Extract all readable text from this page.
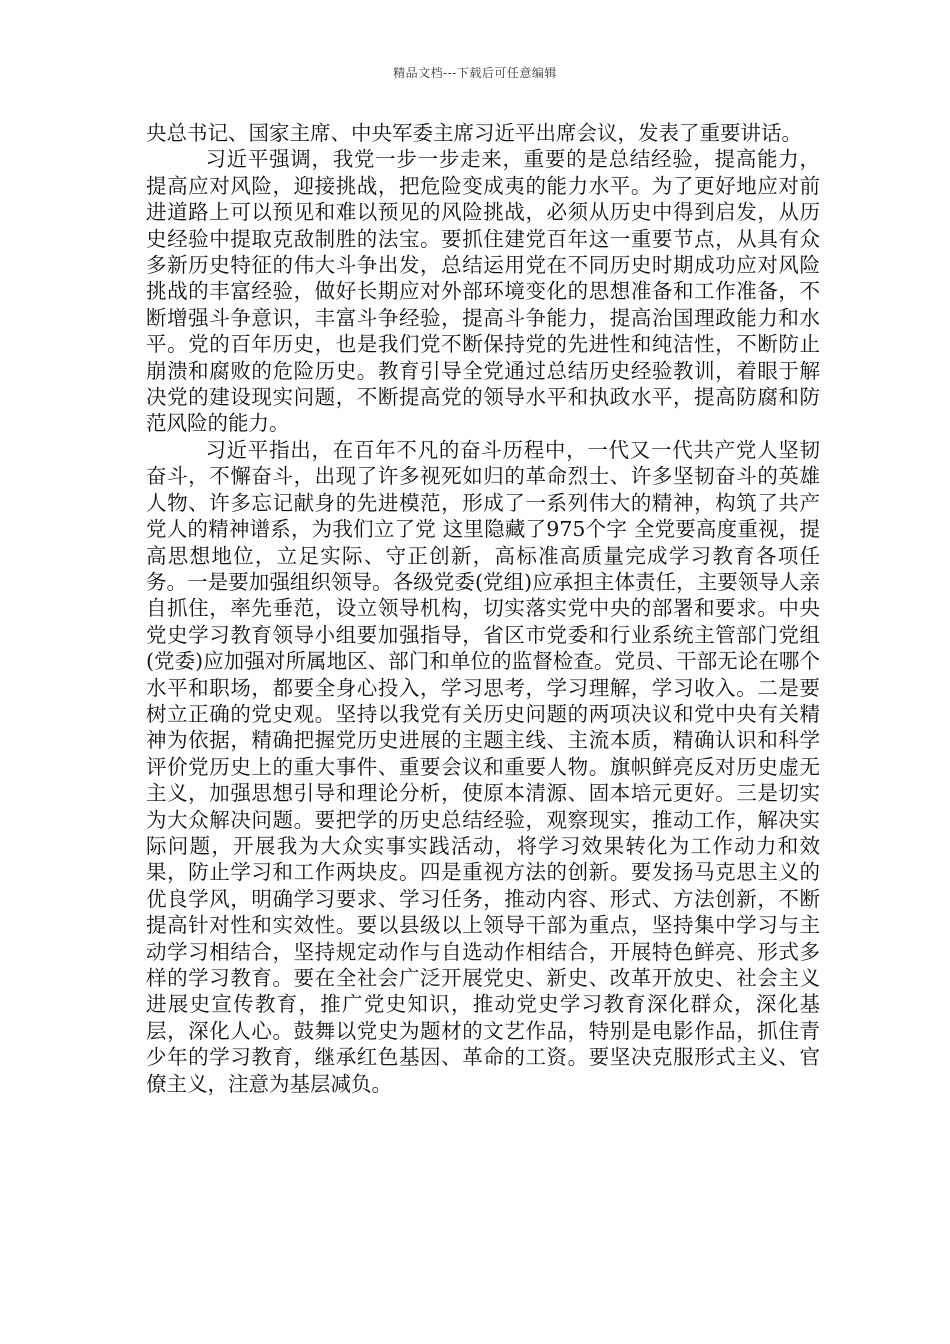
精品文档---下载后可任意编辑

央总书记、国家主席、中央军委主席习近平出席会议，发表了重要讲话。

习近平强调，我党一步一步走来，重要的是总结经验，提高能力，提高应对风险，迎接挑战，把危险变成夷的能力水平。为了更好地应对前进道路上可以预见和难以预见的风险挑战，必须从历史中得到启发，从历史经验中提取克敌制胜的法宝。要抓住建党百年这一重要节点，从具有众多新历史特征的伟大斗争出发，总结运用党在不同历史时期成功应对风险挑战的丰富经验，做好长期应对外部环境变化的思想准备和工作准备，不断增强斗争意识，丰富斗争经验，提高斗争能力，提高治国理政能力和水平。党的百年历史，也是我们党不断保持党的先进性和纯洁性，不断防止崩溃和腐败的危险历史。教育引导全党通过总结历史经验教训，着眼于解决党的建设现实问题，不断提高党的领导水平和执政水平，提高防腐和防范风险的能力。

习近平指出，在百年不凡的奋斗历程中，一代又一代共产党人坚韧奋斗，不懈奋斗，出现了许多视死如归的革命烈士、许多坚韧奋斗的英雄人物、许多忘记献身的先进模范，形成了一系列伟大的精神，构筑了共产党人的精神谱系，为我们立了党 这里隐藏了975个字 全党要高度重视，提高思想地位，立足实际、守正创新，高标准高质量完成学习教育各项任务。一是要加强组织领导。各级党委(党组)应承担主体责任，主要领导人亲自抓住，率先垂范，设立领导机构，切实落实党中央的部署和要求。中央党史学习教育领导小组要加强指导，省区市党委和行业系统主管部门党组(党委)应加强对所属地区、部门和单位的监督检查。党员、干部无论在哪个水平和职场，都要全身心投入，学习思考，学习理解，学习收入。二是要树立正确的党史观。坚持以我党有关历史问题的两项决议和党中央有关精神为依据，精确把握党历史进展的主题主线、主流本质，精确认识和科学评价党历史上的重大事件、重要会议和重要人物。旗帜鲜亮反对历史虚无主义，加强思想引导和理论分析，使原本清源、固本培元更好。三是切实为大众解决问题。要把学的历史总结经验，观察现实，推动工作，解决实际问题，开展我为大众实事实践活动，将学习效果转化为工作动力和效果，防止学习和工作两块皮。四是重视方法的创新。要发扬马克思主义的优良学风，明确学习要求、学习任务，推动内容、形式、方法创新，不断提高针对性和实效性。要以县级以上领导干部为重点，坚持集中学习与主动学习相结合，坚持规定动作与自选动作相结合，开展特色鲜亮、形式多样的学习教育。要在全社会广泛开展党史、新史、改革开放史、社会主义进展史宣传教育，推广党史知识，推动党史学习教育深化群众，深化基层，深化人心。鼓舞以党史为题材的文艺作品，特别是电影作品，抓住青少年的学习教育，继承红色基因、革命的工资。要坚决克服形式主义、官僚主义，注意为基层减负。
